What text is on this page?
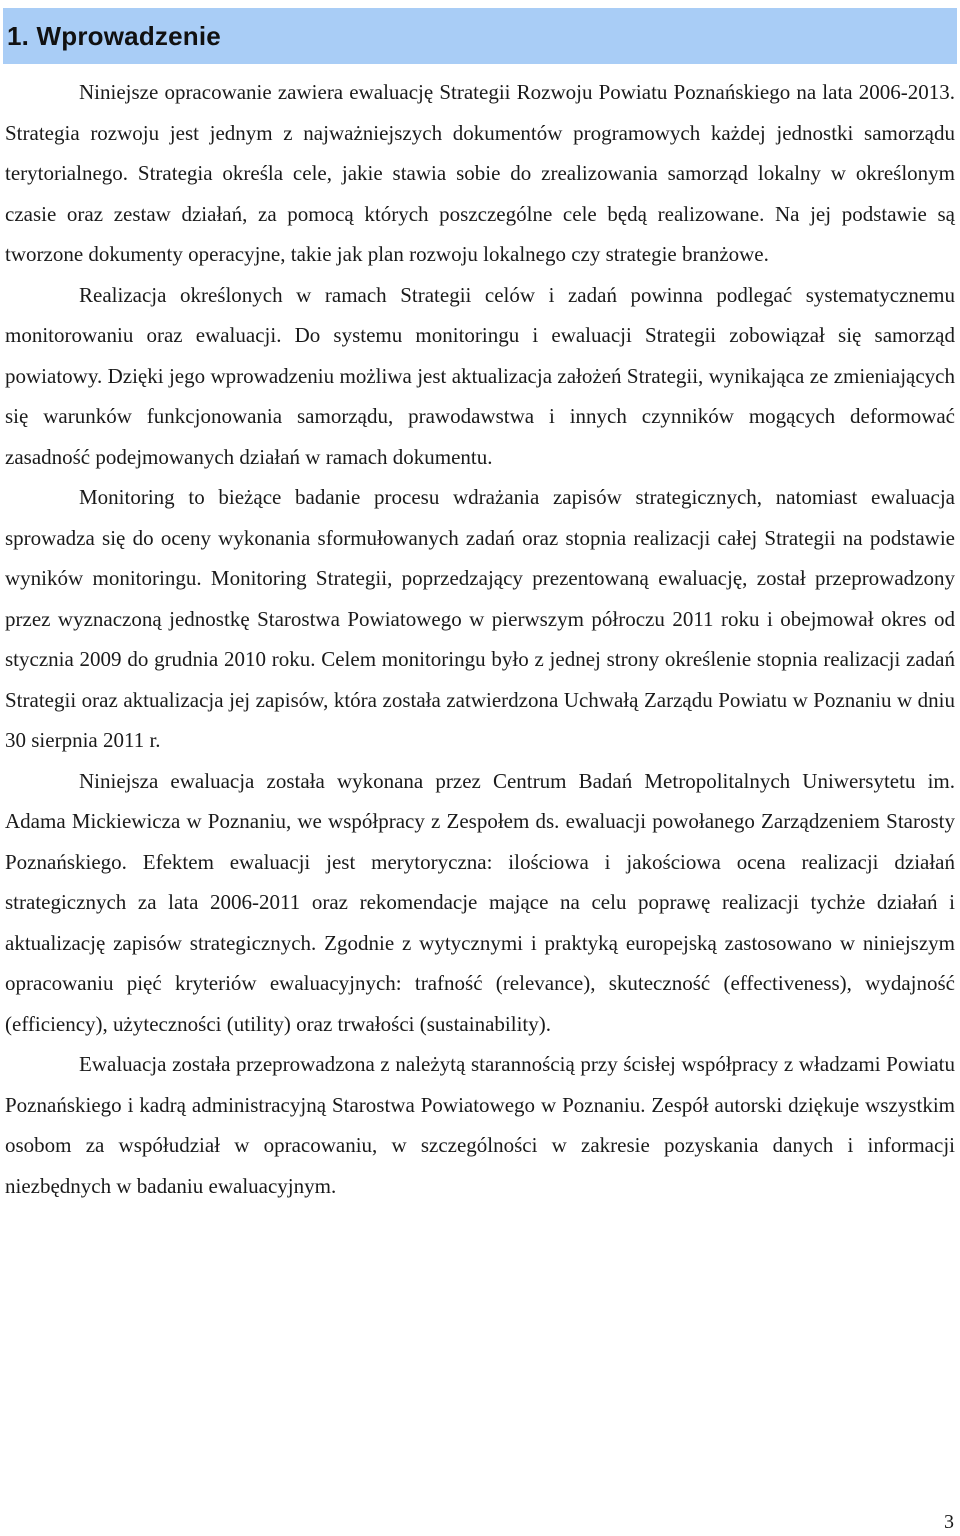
1. Wprowadzenie

Niniejsze opracowanie zawiera ewaluację Strategii Rozwoju Powiatu Poznańskiego na lata 2006-2013. Strategia rozwoju jest jednym z najważniejszych dokumentów programowych każdej jednostki samorządu terytorialnego. Strategia określa cele, jakie stawia sobie do zrealizowania samorząd lokalny w określonym czasie oraz zestaw działań, za pomocą których poszczególne cele będą realizowane. Na jej podstawie są tworzone dokumenty operacyjne, takie jak plan rozwoju lokalnego czy strategie branżowe.

Realizacja określonych w ramach Strategii celów i zadań powinna podlegać systematycznemu monitorowaniu oraz ewaluacji. Do systemu monitoringu i ewaluacji Strategii zobowiązał się samorząd powiatowy. Dzięki jego wprowadzeniu możliwa jest aktualizacja założeń Strategii, wynikająca ze zmieniających się warunków funkcjonowania samorządu, prawodawstwa i innych czynników mogących deformować zasadność podejmowanych działań w ramach dokumentu.

Monitoring to bieżące badanie procesu wdrażania zapisów strategicznych, natomiast ewaluacja sprowadza się do oceny wykonania sformułowanych zadań oraz stopnia realizacji całej Strategii na podstawie wyników monitoringu. Monitoring Strategii, poprzedzający prezentowaną ewaluację, został przeprowadzony przez wyznaczoną jednostkę Starostwa Powiatowego w pierwszym półroczu 2011 roku i obejmował okres od stycznia 2009 do grudnia 2010 roku. Celem monitoringu było z jednej strony określenie stopnia realizacji zadań Strategii oraz aktualizacja jej zapisów, która została zatwierdzona Uchwałą Zarządu Powiatu w Poznaniu w dniu 30 sierpnia 2011 r.

Niniejsza ewaluacja została wykonana przez Centrum Badań Metropolitalnych Uniwersytetu im. Adama Mickiewicza w Poznaniu, we współpracy z Zespołem ds. ewaluacji powołanego Zarządzeniem Starosty Poznańskiego. Efektem ewaluacji jest merytoryczna: ilościowa i jakościowa ocena realizacji działań strategicznych za lata 2006-2011 oraz rekomendacje mające na celu poprawę realizacji tychże działań i aktualizację zapisów strategicznych. Zgodnie z wytycznymi i praktyką europejską zastosowano w niniejszym opracowaniu pięć kryteriów ewaluacyjnych: trafność (relevance), skuteczność (effectiveness), wydajność (efficiency), użyteczności (utility) oraz trwałości (sustainability).

Ewaluacja została przeprowadzona z należytą starannością przy ścisłej współpracy z władzami Powiatu Poznańskiego i kadrą administracyjną Starostwa Powiatowego w Poznaniu. Zespół autorski dziękuje wszystkim osobom za współudział w opracowaniu, w szczególności w zakresie pozyskania danych i informacji niezbędnych w badaniu ewaluacyjnym.

3
